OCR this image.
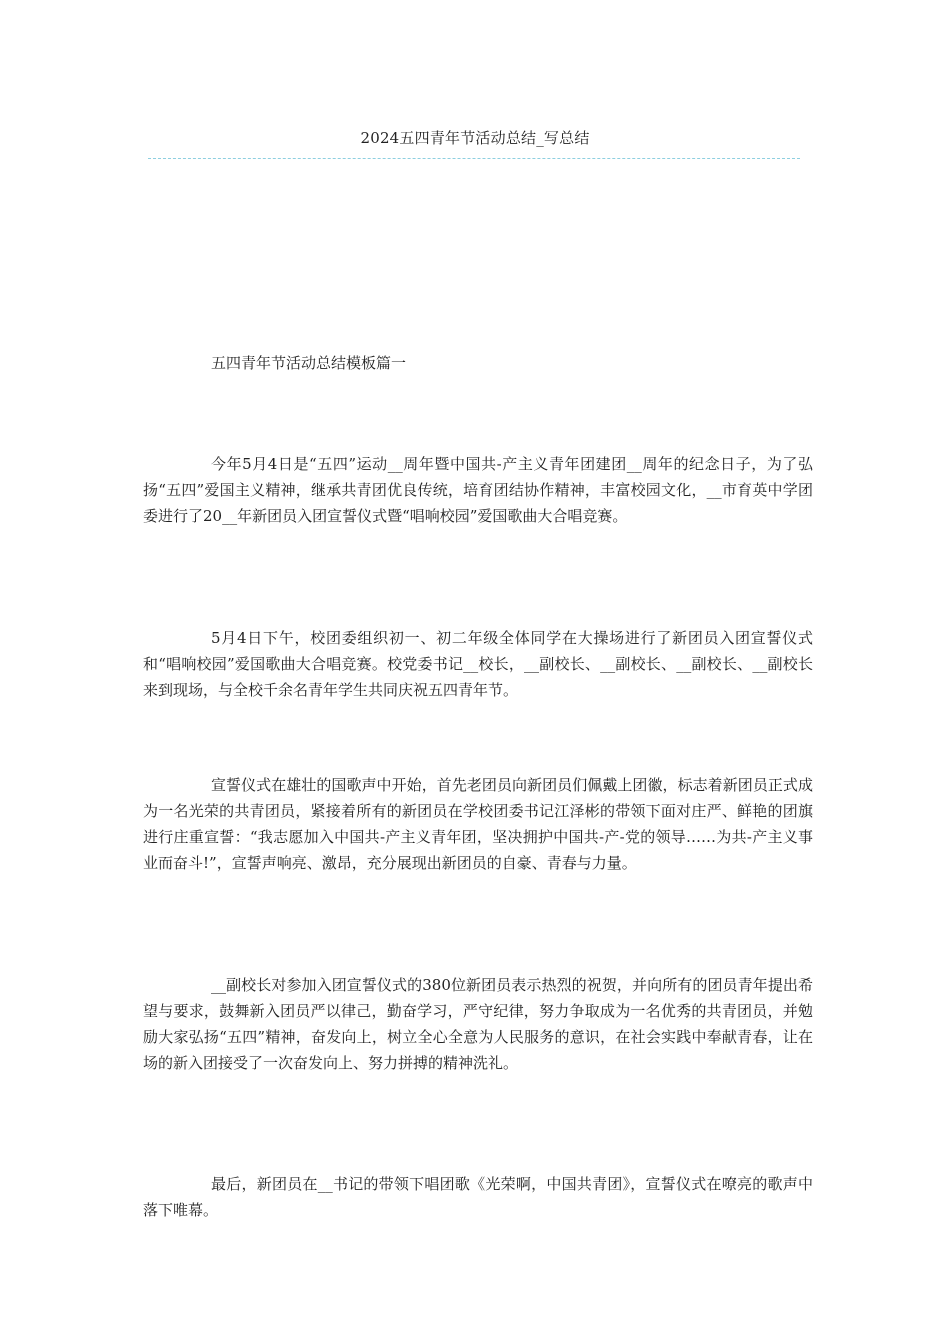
2024五四青年节活动总结_写总结
五四青年节活动总结模板篇一

今年5月4日是“五四”运动__周年暨中国共-产主义青年团建团__周年的纪念日子，为了弘扬“五四”爱国主义精神，继承共青团优良传统，培育团结协作精神，丰富校园文化，__市育英中学团委进行了20__年新团员入团宣誓仪式暨“唱响校园”爱国歌曲大合唱竞赛。

5月4日下午，校团委组织初一、初二年级全体同学在大操场进行了新团员入团宣誓仪式和“唱响校园”爱国歌曲大合唱竞赛。校党委书记__校长，__副校长、__副校长、__副校长、__副校长来到现场，与全校千余名青年学生共同庆祝五四青年节。

宣誓仪式在雄壮的国歌声中开始，首先老团员向新团员们佩戴上团徽，标志着新团员正式成为一名光荣的共青团员，紧接着所有的新团员在学校团委书记江泽彬的带领下面对庄严、鲜艳的团旗进行庄重宣誓：“我志愿加入中国共-产主义青年团，坚决拥护中国共-产-党的领导……为共-产主义事业而奋斗!”，宣誓声响亮、激昂，充分展现出新团员的自豪、青春与力量。

__副校长对参加入团宣誓仪式的380位新团员表示热烈的祝贺，并向所有的团员青年提出希望与要求，鼓舞新入团员严以律己，勤奋学习，严守纪律，努力争取成为一名优秀的共青团员，并勉励大家弘扬“五四”精神，奋发向上，树立全心全意为人民服务的意识，在社会实践中奉献青春，让在场的新入团接受了一次奋发向上、努力拼搏的精神洗礼。

最后，新团员在__书记的带领下唱团歌《光荣啊，中国共青团》，宣誓仪式在嘹亮的歌声中落下唯幕。
